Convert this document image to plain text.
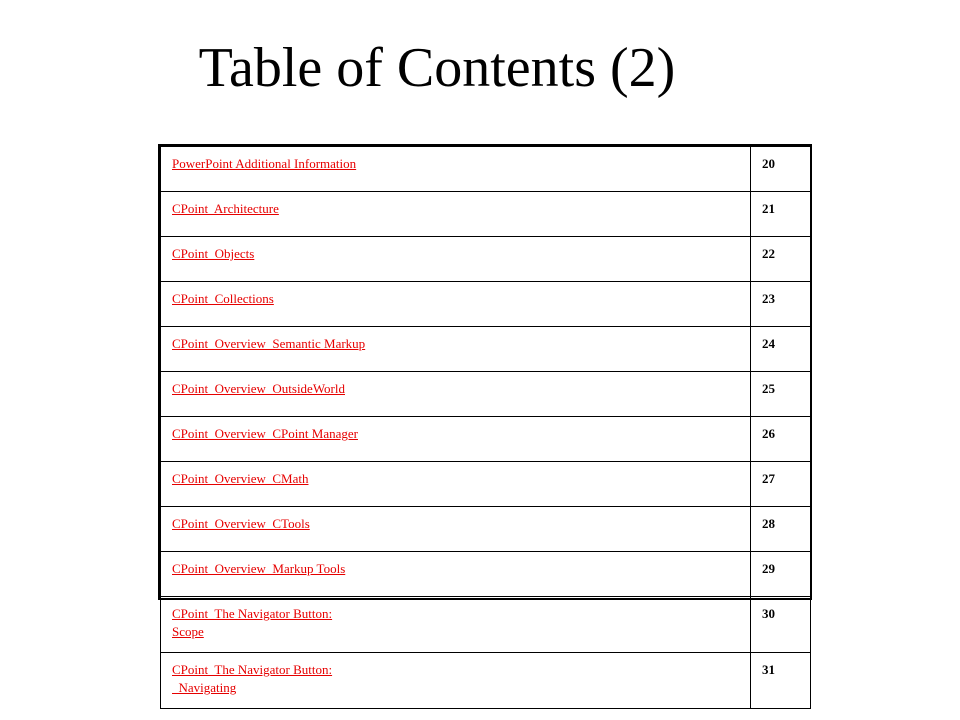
Table of Contents (2)
PowerPoint Additional Information	20

CPoint  Architecture	21

CPoint  Objects	22

CPoint  Collections	23

CPoint  Overview  Semantic Markup	24

CPoint  Overview  OutsideWorld	25

CPoint  Overview  CPoint Manager	26

CPoint  Overview  CMath	27

CPoint  Overview  CTools	28

CPoint  Overview  Markup Tools	29

CPoint  The Navigator Button:
Scope	30

CPoint  The Navigator Button:
Navigating	31
